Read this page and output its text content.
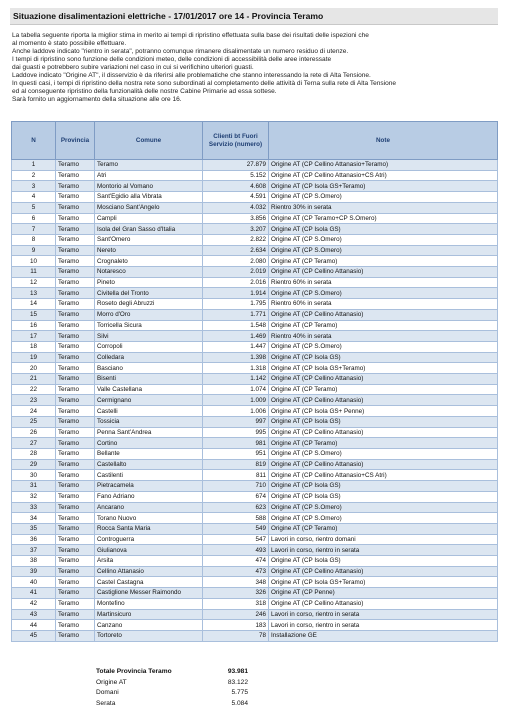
Situazione disalimentazioni elettriche - 17/01/2017 ore 14 - Provincia Teramo

La tabella seguente riporta la miglior stima in merito ai tempi di ripristino effettuata sulla base dei risultati delle ispezioni che

al momento è stato possibile effettuare.

Anche laddove indicato "rientro in serata", potranno comunque rimanere disalimentate un numero residuo di utenze.

I tempi di ripristino sono funzione delle condizioni meteo, delle condizioni di accessibilità delle aree interessate

dai guasti e potrebbero subire variazioni nel caso in cui si verifichino ulteriori guasti.

Laddove indicato "Origine AT", il disservizio è da riferirsi alle problematiche che stanno interessando la rete di Alta Tensione.

In questi casi, i tempi di ripristino della nostra rete sono subordinati al completamento delle attività di Terna sulla rete di Alta Tensione

ed al conseguente ripristino della funzionalità delle nostre Cabine Primarie ad essa sottese.

Sarà fornito un aggiornamento della situazione alle ore 16.

N	Provincia	Comune	Clienti bt Fuori Servizio (numero)	Note
1	Teramo	Teramo	27.879	Origine AT (CP Cellino Attanasio+Teramo)
2	Teramo	Atri	5.152	Origine AT (CP Cellino Attanasio+CS Atri)
3	Teramo	Montorio al Vomano	4.608	Origine AT (CP Isola GS+Teramo)
4	Teramo	Sant'Egidio alla Vibrata	4.591	Origine AT (CP S.Omero)
5	Teramo	Mosciano Sant'Angelo	4.032	Rientro 30% in serata
6	Teramo	Campli	3.856	Origine AT (CP Teramo+CP S.Omero)
7	Teramo	Isola del Gran Sasso d'Italia	3.207	Origine AT (CP Isola GS)
8	Teramo	Sant'Omero	2.822	Origine AT (CP S.Omero)
9	Teramo	Nereto	2.634	Origine AT (CP S.Omero)
10	Teramo	Crognaleto	2.080	Origine AT (CP Teramo)
11	Teramo	Notaresco	2.019	Origine AT (CP Cellino Attanasio)
12	Teramo	Pineto	2.016	Rientro 60% in serata
13	Teramo	Civitella del Tronto	1.914	Origine AT (CP S.Omero)
14	Teramo	Roseto degli Abruzzi	1.795	Rientro 60% in serata
15	Teramo	Morro d'Oro	1.771	Origine AT (CP Cellino Attanasio)
16	Teramo	Torricella Sicura	1.548	Origine AT (CP Teramo)
17	Teramo	Silvi	1.469	Rientro 40% in serata
18	Teramo	Corropoli	1.447	Origine AT (CP S.Omero)
19	Teramo	Colledara	1.398	Origine AT (CP Isola GS)
20	Teramo	Basciano	1.318	Origine AT (CP Isola GS+Teramo)
21	Teramo	Bisenti	1.142	Origine AT (CP Cellino Attanasio)
22	Teramo	Valle Castellana	1.074	Origine AT (CP Teramo)
23	Teramo	Cermignano	1.009	Origine AT (CP Cellino Attanasio)
24	Teramo	Castelli	1.006	Origine AT (CP Isola GS+ Penne)
25	Teramo	Tossicia	997	Origine AT (CP Isola GS)
26	Teramo	Penna Sant'Andrea	995	Origine AT (CP Cellino Attanasio)
27	Teramo	Cortino	981	Origine AT (CP Teramo)
28	Teramo	Bellante	951	Origine AT (CP S.Omero)
29	Teramo	Castellalto	819	Origine AT (CP Cellino Attanasio)
30	Teramo	Castilenti	811	Origine AT (CP Cellino Attanasio+CS Atri)
31	Teramo	Pietracamela	710	Origine AT (CP Isola GS)
32	Teramo	Fano Adriano	674	Origine AT (CP Isola GS)
33	Teramo	Ancarano	623	Origine AT (CP S.Omero)
34	Teramo	Torano Nuovo	588	Origine AT (CP S.Omero)
35	Teramo	Rocca Santa Maria	549	Origine AT (CP Teramo)
36	Teramo	Controguerra	547	Lavori in corso, rientro domani
37	Teramo	Giulianova	493	Lavori in corso, rientro in serata
38	Teramo	Arsita	474	Origine AT (CP Isola GS)
39	Teramo	Cellino Attanasio	473	Origine AT (CP Cellino Attanasio)
40	Teramo	Castel Castagna	348	Origine AT (CP Isola GS+Teramo)
41	Teramo	Castiglione Messer Raimondo	326	Origine AT (CP Penne)
42	Teramo	Montefino	318	Origine AT (CP Cellino Attanasio)
43	Teramo	Martinsicuro	246	Lavori in corso, rientro in serata
44	Teramo	Canzano	183	Lavori in corso, rientro in serata
45	Teramo	Tortoreto	78	Installazione GE
Totale Provincia Teramo	93.981
Origine AT	83.122
Domani	5.775
Serata	5.084
